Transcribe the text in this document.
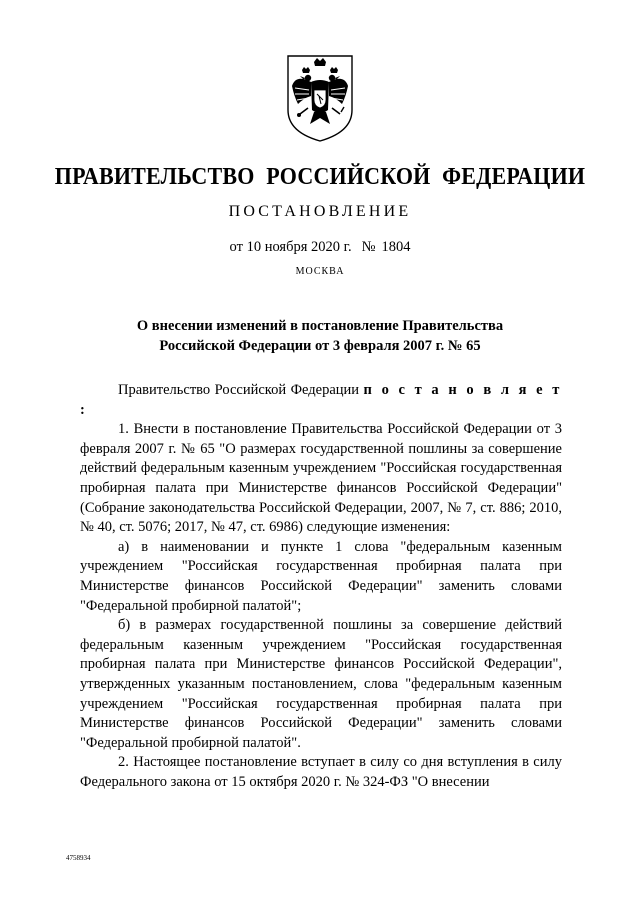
ПРАВИТЕЛЬСТВО РОССИЙСКОЙ ФЕДЕРАЦИИ
ПОСТАНОВЛЕНИЕ
от 10 ноября 2020 г. № 1804
МОСКВА
О внесении изменений в постановление Правительства
Российской Федерации от 3 февраля 2007 г. № 65

Правительство Российской Федерации п о с т а н о в л я е т :

1. Внести в постановление Правительства Российской Федерации от 3 февраля 2007 г. № 65 "О размерах государственной пошлины за совершение действий федеральным казенным учреждением "Российская государственная пробирная палата при Министерстве финансов Российской Федерации" (Собрание законодательства Российской Федерации, 2007, № 7, ст. 886; 2010, № 40, ст. 5076; 2017, № 47, ст. 6986) следующие изменения:

а) в наименовании и пункте 1 слова "федеральным казенным учреждением "Российская государственная пробирная палата при Министерстве финансов Российской Федерации" заменить словами "Федеральной пробирной палатой";

б) в размерах государственной пошлины за совершение действий федеральным казенным учреждением "Российская государственная пробирная палата при Министерстве финансов Российской Федерации", утвержденных указанным постановлением, слова "федеральным казенным учреждением "Российская государственная пробирная палата при Министерстве финансов Российской Федерации" заменить словами "Федеральной пробирной палатой".

2. Настоящее постановление вступает в силу со дня вступления в силу Федерального закона от 15 октября 2020 г. № 324-ФЗ "О внесении

4758934
